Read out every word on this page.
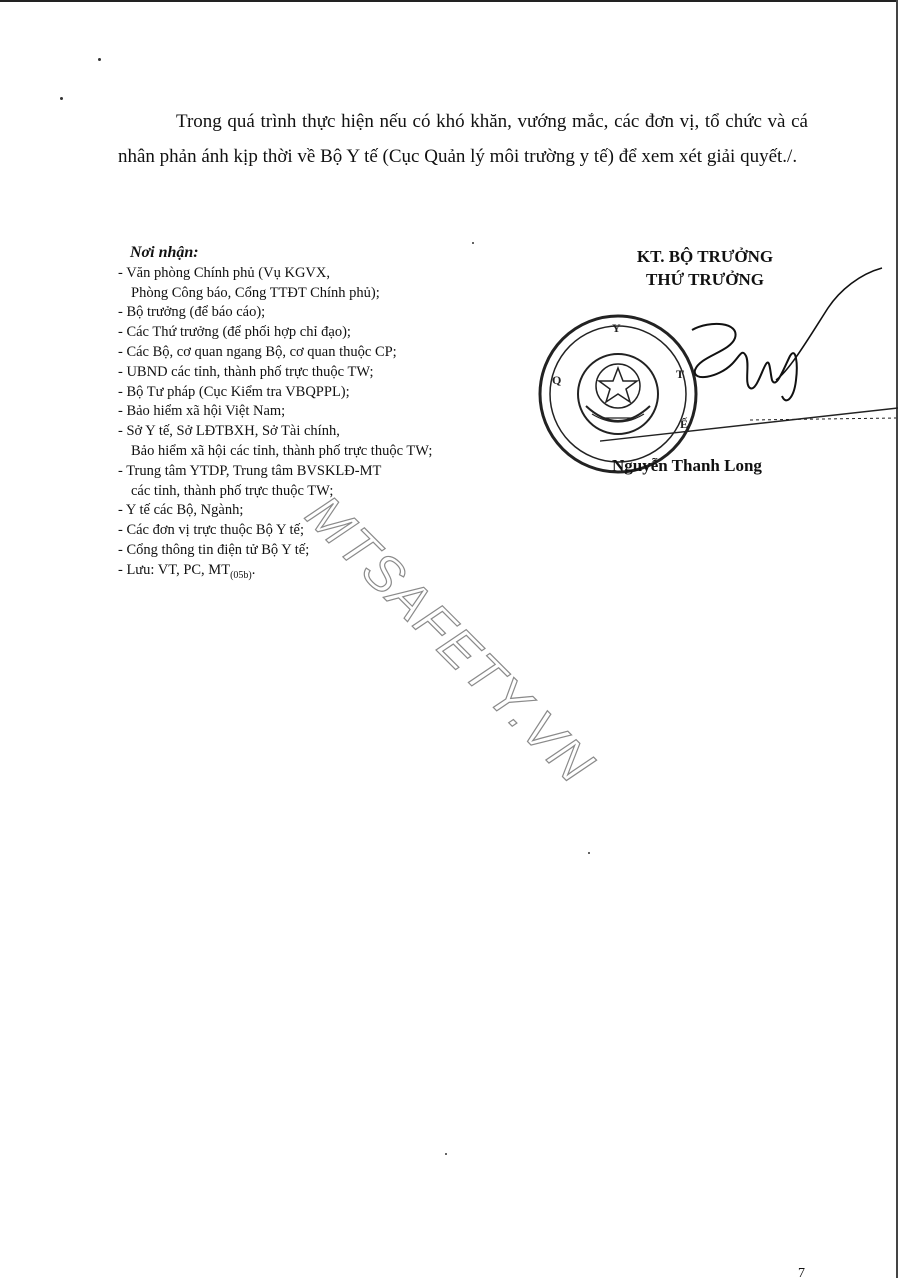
Trong quá trình thực hiện nếu có khó khăn, vướng mắc, các đơn vị, tổ chức và cá nhân phản ánh kịp thời về Bộ Y tế (Cục Quản lý môi trường y tế) để xem xét giải quyết./.

Nơi nhận:
- Văn phòng Chính phủ (Vụ KGVX,
Phòng Công báo, Cổng TTĐT Chính phủ);
- Bộ trưởng (để báo cáo);
- Các Thứ trưởng (để phối hợp chỉ đạo);
- Các Bộ, cơ quan ngang Bộ, cơ quan thuộc CP;
- UBND các tỉnh, thành phố trực thuộc TW;
- Bộ Tư pháp (Cục Kiểm tra VBQPPL);
- Bảo hiểm xã hội Việt Nam;
- Sở Y tế, Sở LĐTBXH, Sở Tài chính,
Bảo hiểm xã hội các tỉnh, thành phố trực thuộc TW;
- Trung tâm YTDP, Trung tâm BVSKLĐ-MT
các tỉnh, thành phố trực thuộc TW;
- Y tế các Bộ, Ngành;
- Các đơn vị trực thuộc Bộ Y tế;
- Cổng thông tin điện tử Bộ Y tế;
- Lưu: VT, PC, $MT_{(05b)}$.
KT. BỘ TRƯỞNG
THỨ TRƯỞNG
Y
Q	T
Ế
Nguyễn Thanh Long
MTSAFETY.VN
7
